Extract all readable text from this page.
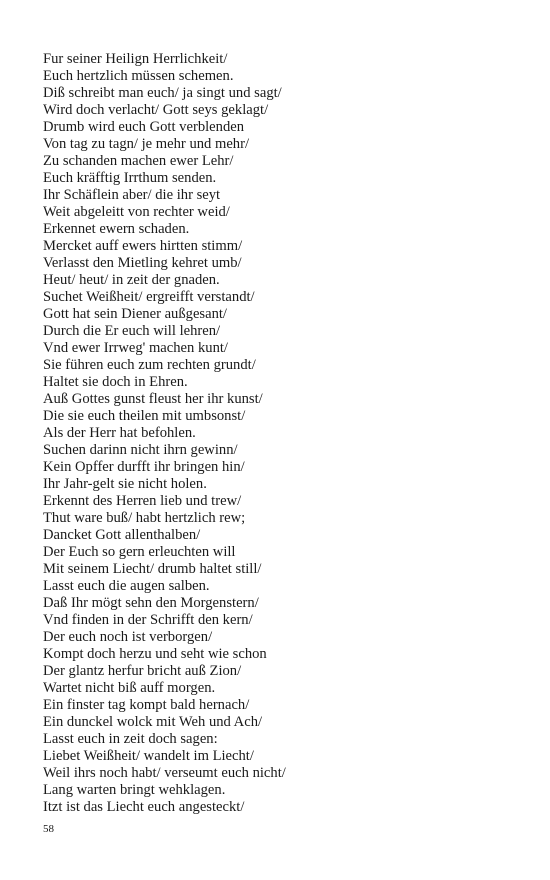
Fur seiner Heilign Herrlichkeit/
Euch hertzlich müssen schemen.
Diß schreibt man euch/ ja singt und sagt/
Wird doch verlacht/ Gott seys geklagt/
Drumb wird euch Gott verblenden
Von tag zu tagn/ je mehr und mehr/
Zu schanden machen ewer Lehr/
Euch kräfftig Irrthum senden.
Ihr Schäflein aber/ die ihr seyt
Weit abgeleitt von rechter weid/
Erkennet ewern schaden.
Mercket auff ewers hirtten stimm/
Verlasst den Mietling kehret umb/
Heut/ heut/ in zeit der gnaden.
Suchet Weißheit/ ergreifft verstandt/
Gott hat sein Diener außgesant/
Durch die Er euch will lehren/
Vnd ewer Irrweg' machen kunt/
Sie führen euch zum rechten grundt/
Haltet sie doch in Ehren.
Auß Gottes gunst fleust her ihr kunst/
Die sie euch theilen mit umbsonst/
Als der Herr hat befohlen.
Suchen darinn nicht ihrn gewinn/
Kein Opffer durfft ihr bringen hin/
Ihr Jahr-gelt sie nicht holen.
Erkennt des Herren lieb und trew/
Thut ware buß/ habt hertzlich rew;
Dancket Gott allenthalben/
Der Euch so gern erleuchten will
Mit seinem Liecht/ drumb haltet still/
Lasst euch die augen salben.
Daß Ihr mögt sehn den Morgenstern/
Vnd finden in der Schrifft den kern/
Der euch noch ist verborgen/
Kompt doch herzu und seht wie schon
Der glantz herfur bricht auß Zion/
Wartet nicht biß auff morgen.
Ein finster tag kompt bald hernach/
Ein dunckel wolck mit Weh und Ach/
Lasst euch in zeit doch sagen:
Liebet Weißheit/ wandelt im Liecht/
Weil ihrs noch habt/ verseumt euch nicht/
Lang warten bringt wehklagen.
Itzt ist das Liecht euch angesteckt/
58
